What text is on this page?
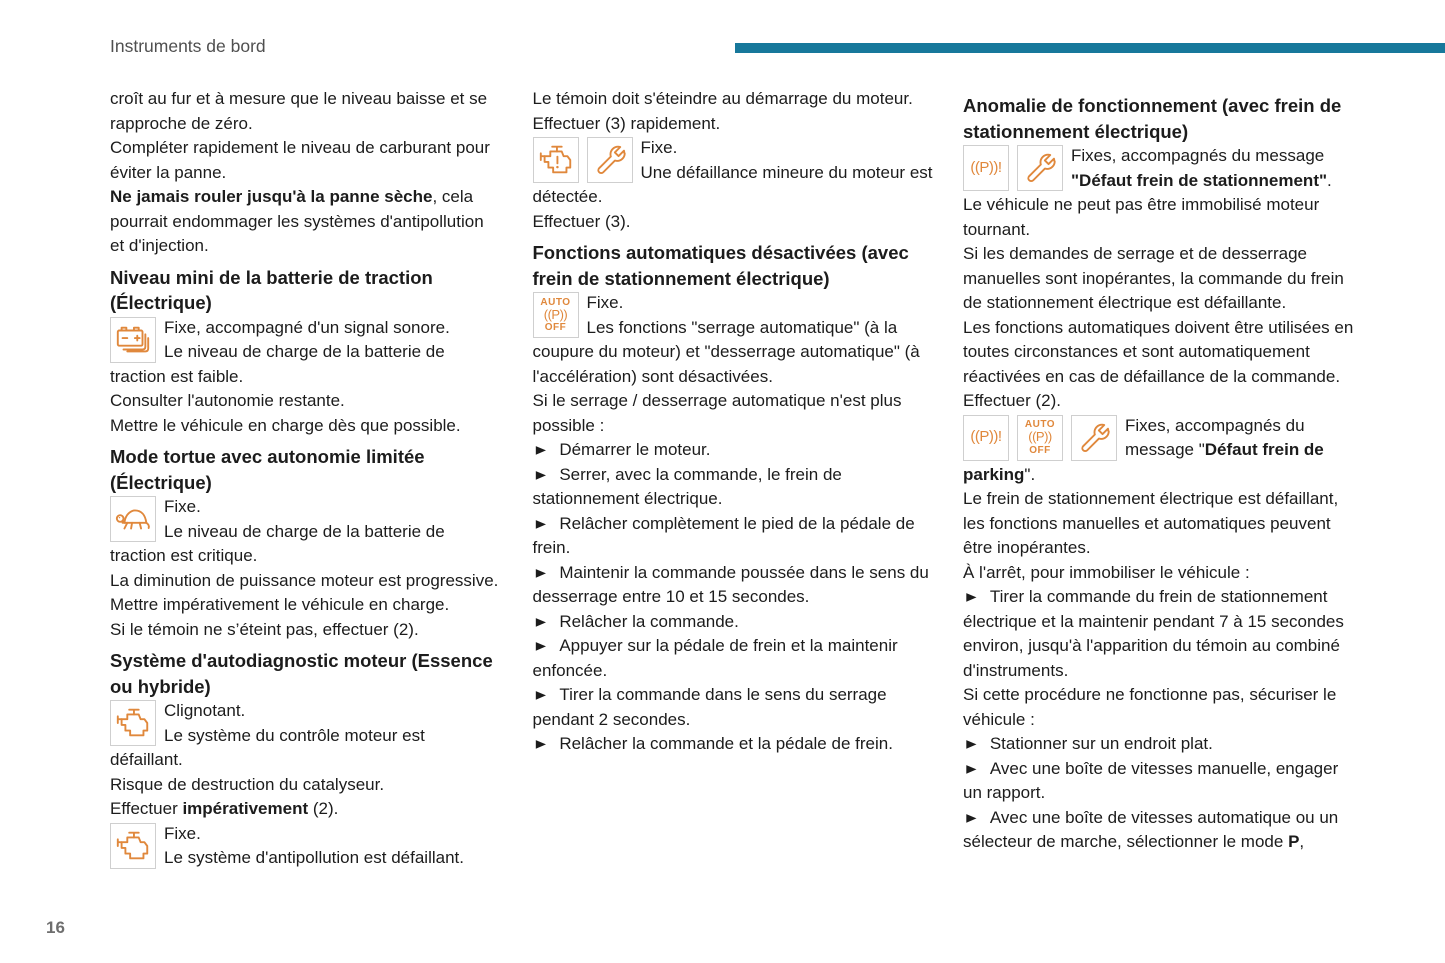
Instruments de bord
croît au fur et à mesure que le niveau baisse et se rapproche de zéro.
Compléter rapidement le niveau de carburant pour éviter la panne.
Ne jamais rouler jusqu'à la panne sèche, cela pourrait endommager les systèmes d'antipollution et d'injection.
Niveau mini de la batterie de traction (Électrique)
Fixe, accompagné d'un signal sonore.
Le niveau de charge de la batterie de traction est faible.
Consulter l'autonomie restante.
Mettre le véhicule en charge dès que possible.
Mode tortue avec autonomie limitée (Électrique)
Fixe.
Le niveau de charge de la batterie de traction est critique.
La diminution de puissance moteur est progressive.
Mettre impérativement le véhicule en charge.
Si le témoin ne s’éteint pas, effectuer (2).
Système d'autodiagnostic moteur (Essence ou hybride)
Clignotant.
Le système du contrôle moteur est défaillant.
Risque de destruction du catalyseur.
Effectuer impérativement (2).
Fixe.
Le système d'antipollution est défaillant.
Le témoin doit s'éteindre au démarrage du moteur.
Effectuer (3) rapidement.
Fixe.
Une défaillance mineure du moteur est détectée.
Effectuer (3).
Fonctions automatiques désactivées (avec frein de stationnement électrique)
AUTO
((P))
OFF
Fixe.
Les fonctions "serrage automatique" (à la coupure du moteur) et "desserrage automatique" (à l'accélération) sont désactivées.
Si le serrage / desserrage automatique n'est plus possible :
► Démarrer le moteur.
► Serrer, avec la commande, le frein de stationnement électrique.
► Relâcher complètement le pied de la pédale de frein.
► Maintenir la commande poussée dans le sens du desserrage entre 10 et 15 secondes.
► Relâcher la commande.
► Appuyer sur la pédale de frein et la maintenir enfoncée.
► Tirer la commande dans le sens du serrage pendant 2 secondes.
► Relâcher la commande et la pédale de frein.
Anomalie de fonctionnement (avec frein de stationnement électrique)
((P))!
Fixes, accompagnés du message "Défaut frein de stationnement".
Le véhicule ne peut pas être immobilisé moteur tournant.
Si les demandes de serrage et de desserrage manuelles sont inopérantes, la commande du frein de stationnement électrique est défaillante.
Les fonctions automatiques doivent être utilisées en toutes circonstances et sont automatiquement réactivées en cas de défaillance de la commande.
Effectuer (2).
((P))!
AUTO
((P))
OFF
Fixes, accompagnés du message "Défaut frein de parking".
Le frein de stationnement électrique est défaillant, les fonctions manuelles et automatiques peuvent être inopérantes.
À l'arrêt, pour immobiliser le véhicule :
► Tirer la commande du frein de stationnement électrique et la maintenir pendant 7 à 15 secondes environ, jusqu'à l'apparition du témoin au combiné d'instruments.
Si cette procédure ne fonctionne pas, sécuriser le véhicule :
► Stationner sur un endroit plat.
► Avec une boîte de vitesses manuelle, engager un rapport.
► Avec une boîte de vitesses automatique ou un sélecteur de marche, sélectionner le mode P,
16
